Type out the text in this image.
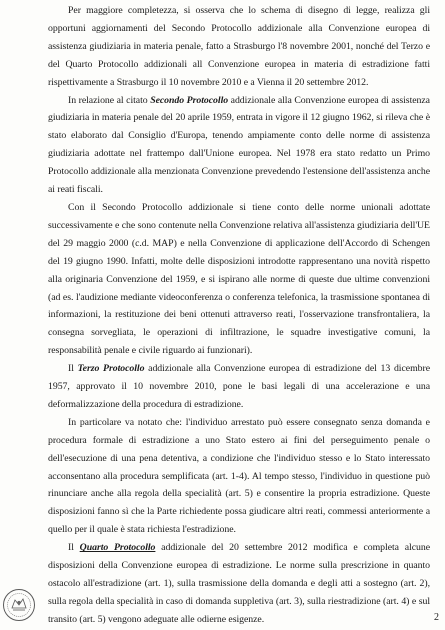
Per maggiore completezza, si osserva che lo schema di disegno di legge, realizza gli opportuni aggiornamenti del Secondo Protocollo addizionale alla Convenzione europea di assistenza giudiziaria in materia penale, fatto a Strasburgo l'8 novembre 2001, nonché del Terzo e del Quarto Protocollo addizionali all Convenzione europea in materia di estradizione fatti rispettivamente a Strasburgo il 10 novembre 2010 e a Vienna il 20 settembre 2012.

In relazione al citato Secondo Protocollo addizionale alla Convenzione europea di assistenza giudiziaria in materia penale del 20 aprile 1959, entrata in vigore il 12 giugno 1962, si rileva che è stato elaborato dal Consiglio d'Europa, tenendo ampiamente conto delle norme di assistenza giudiziaria adottate nel frattempo dall'Unione europea. Nel 1978 era stato redatto un Primo Protocollo addizionale alla menzionata Convenzione prevedendo l'estensione dell'assistenza anche ai reati fiscali.

Con il Secondo Protocollo addizionale si tiene conto delle norme unionali adottate successivamente e che sono contenute nella Convenzione relativa all'assistenza giudiziaria dell'UE del 29 maggio 2000 (c.d. MAP) e nella Convenzione di applicazione dell'Accordo di Schengen del 19 giugno 1990. Infatti, molte delle disposizioni introdotte rappresentano una novità rispetto alla originaria Convenzione del 1959, e si ispirano alle norme di queste due ultime convenzioni (ad es. l'audizione mediante videoconferenza o conferenza telefonica, la trasmissione spontanea di informazioni, la restituzione dei beni ottenuti attraverso reati, l'osservazione transfrontaliera, la consegna sorvegliata, le operazioni di infiltrazione, le squadre investigative comuni, la responsabilità penale e civile riguardo ai funzionari).

Il Terzo Protocollo addizionale alla Convenzione europea di estradizione del 13 dicembre 1957, approvato il 10 novembre 2010, pone le basi legali di una accelerazione e una deformalizzazione della procedura di estradizione.

In particolare va notato che: l'individuo arrestato può essere consegnato senza domanda e procedura formale di estradizione a uno Stato estero ai fini del perseguimento penale o dell'esecuzione di una pena detentiva, a condizione che l'individuo stesso e lo Stato interessato acconsentano alla procedura semplificata (art. 1-4). Al tempo stesso, l'individuo in questione può rinunciare anche alla regola della specialità (art. 5) e consentire la propria estradizione. Queste disposizioni fanno sì che la Parte richiedente possa giudicare altri reati, commessi anteriormente a quello per il quale è stata richiesta l'estradizione.

Il Quarto Protocollo addizionale del 20 settembre 2012 modifica e completa alcune disposizioni della Convenzione europea di estradizione. Le norme sulla prescrizione in quanto ostacolo all'estradizione (art. 1), sulla trasmissione della domanda e degli atti a sostegno (art. 2), sulla regola della specialità in caso di domanda suppletiva (art. 3), sulla riestradizione (art. 4) e sul transito (art. 5) vengono adeguate alle odierne esigenze.	2
